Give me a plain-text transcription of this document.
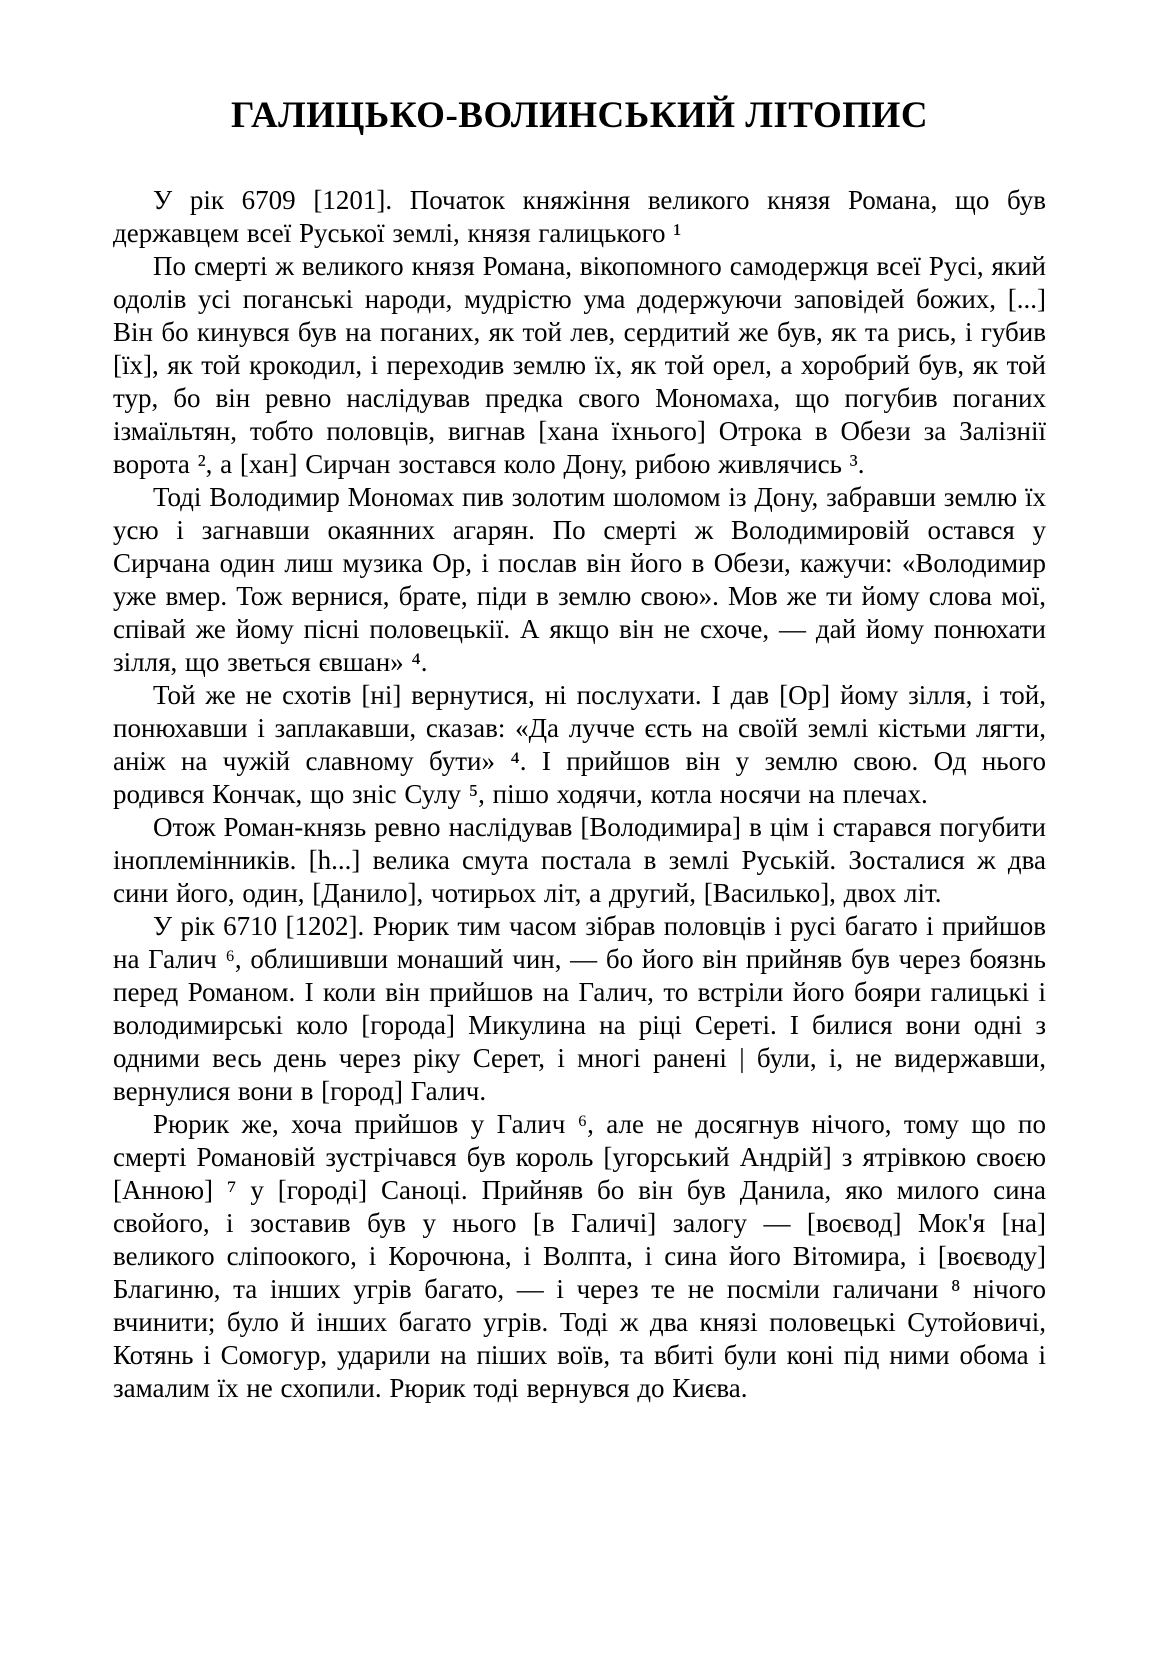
ГАЛИЦЬКО-ВОЛИНСЬКИЙ ЛІТОПИС

У рік 6709 [1201]. Початок княжіння великого князя Романа, що був державцем всеї Руської землі, князя галицького ¹

По смерті ж великого князя Романа, вікопомного самодержця всеї Русі, який одолів усі поганські народи, мудрістю ума додержуючи заповідей божих, [...] Він бо кинувся був на поганих, як той лев, сердитий же був, як та рись, і губив [їх], як той крокодил, і переходив землю їх, як той орел, а хоробрий був, як той тур, бо він ревно наслідував предка свого Мономаха, що погубив поганих ізмаїльтян, тобто половців, вигнав [хана їхнього] Отрока в Обези за Залізнії ворота ², а [хан] Сирчан зостався коло Дону, рибою живлячись ³.

Тоді Володимир Мономах пив золотим шоломом із Дону, забравши землю їх усю і загнавши окаянних агарян. По смерті ж Володимировій остався у Сирчана один лиш музика Ор, і послав він його в Обези, кажучи: «Володимир уже вмер. Тож вернися, брате, піди в землю свою». Мов же ти йому слова мої, співай же йому пісні половецькії. А якщо він не схоче, — дай йому понюхати зілля, що зветься євшан» ⁴.

Той же не схотів [ні] вернутися, ні послухати. І дав [Ор] йому зілля, і той, понюхавши і заплакавши, сказав: «Да лучче єсть на своїй землі кістьми лягти, аніж на чужій славному бути» ⁴. І прийшов він у землю свою. Од нього родився Кончак, що зніс Сулу ⁵, пішо ходячи, котла носячи на плечах.

Отож Роман-князь ревно наслідував [Володимира] в цім і старався погубити іноплемінників. [h...] велика смута постала в землі Руській. Зосталися ж два сини його, один, [Данило], чотирьох літ, а другий, [Василько], двох літ.

У рік 6710 [1202]. Рюрик тим часом зібрав половців і русі багато і прийшов на Галич ⁶, облишивши монаший чин, — бо його він прийняв був через боязнь перед Романом. І коли він прийшов на Галич, то встріли його бояри галицькі і володимирські коло [города] Микулина на ріці Сереті. І билися вони одні з одними весь день через ріку Серет, і многі ранені | були, і, не видержавши, вернулися вони в [город] Галич.

Рюрик же, хоча прийшов у Галич ⁶, але не досягнув нічого, тому що по смерті Романовій зустрічався був король [угорський Андрій] з ятрівкою своєю [Анною] ⁷ у [городі] Саноці. Прийняв бо він був Данила, яко милого сина свойого, і зоставив був у нього [в Галичі] залогу — [воєвод] Мок'я [на] великого сліпоокого, і Корочюна, і Волпта, і сина його Вітомира, і [воєводу] Благиню, та інших угрів багато, — і через те не посміли галичани ⁸ нічого вчинити; було й інших багато угрів. Тоді ж два князі половецькі Сутойовичі, Котянь і Сомогур, ударили на піших воїв, та вбиті були коні під ними обома і замалим їх не схопили. Рюрик тоді вернувся до Києва.
